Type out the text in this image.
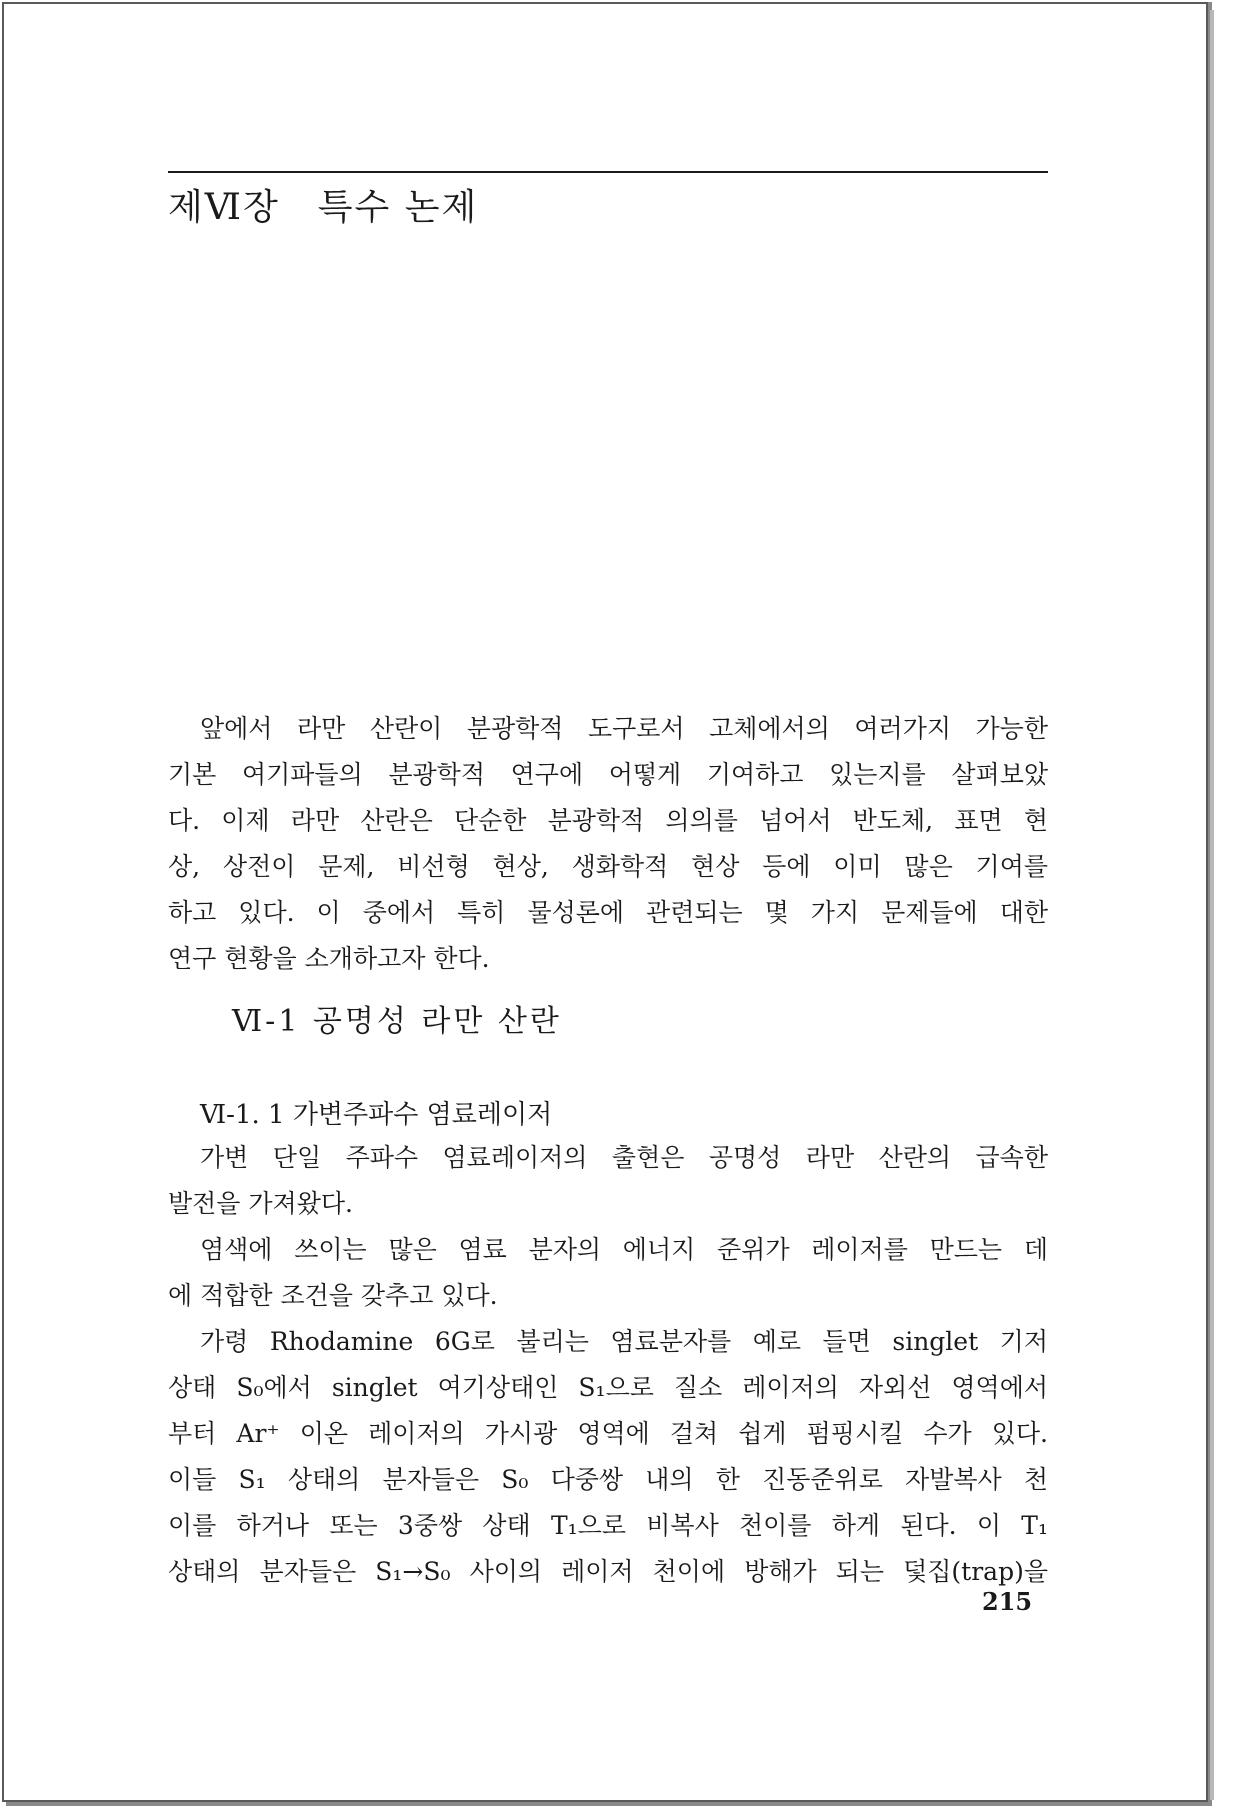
제Ⅵ장 특수 논제
앞에서 라만 산란이 분광학적 도구로서 고체에서의 여러가지 가능한
기본 여기파들의 분광학적 연구에 어떻게 기여하고 있는지를 살펴보았
다. 이제 라만 산란은 단순한 분광학적 의의를 넘어서 반도체, 표면 현
상, 상전이 문제, 비선형 현상, 생화학적 현상 등에 이미 많은 기여를
하고 있다. 이 중에서 특히 물성론에 관련되는 몇 가지 문제들에 대한
연구 현황을 소개하고자 한다.
Ⅵ-1 공명성 라만 산란
Ⅵ-1. 1 가변주파수 염료레이저
가변 단일 주파수 염료레이저의 출현은 공명성 라만 산란의 급속한
발전을 가져왔다.
염색에 쓰이는 많은 염료 분자의 에너지 준위가 레이저를 만드는 데
에 적합한 조건을 갖추고 있다.
가령 Rhodamine 6G로 불리는 염료분자를 예로 들면 singlet 기저
상태 S₀에서 singlet 여기상태인 S₁으로 질소 레이저의 자외선 영역에서
부터 Ar⁺ 이온 레이저의 가시광 영역에 걸쳐 쉽게 펌핑시킬 수가 있다.
이들 S₁ 상태의 분자들은 S₀ 다중쌍 내의 한 진동준위로 자발복사 천
이를 하거나 또는 3중쌍 상태 T₁으로 비복사 천이를 하게 된다. 이 T₁
상태의 분자들은 S₁→S₀ 사이의 레이저 천이에 방해가 되는 덫집(trap)을
215
